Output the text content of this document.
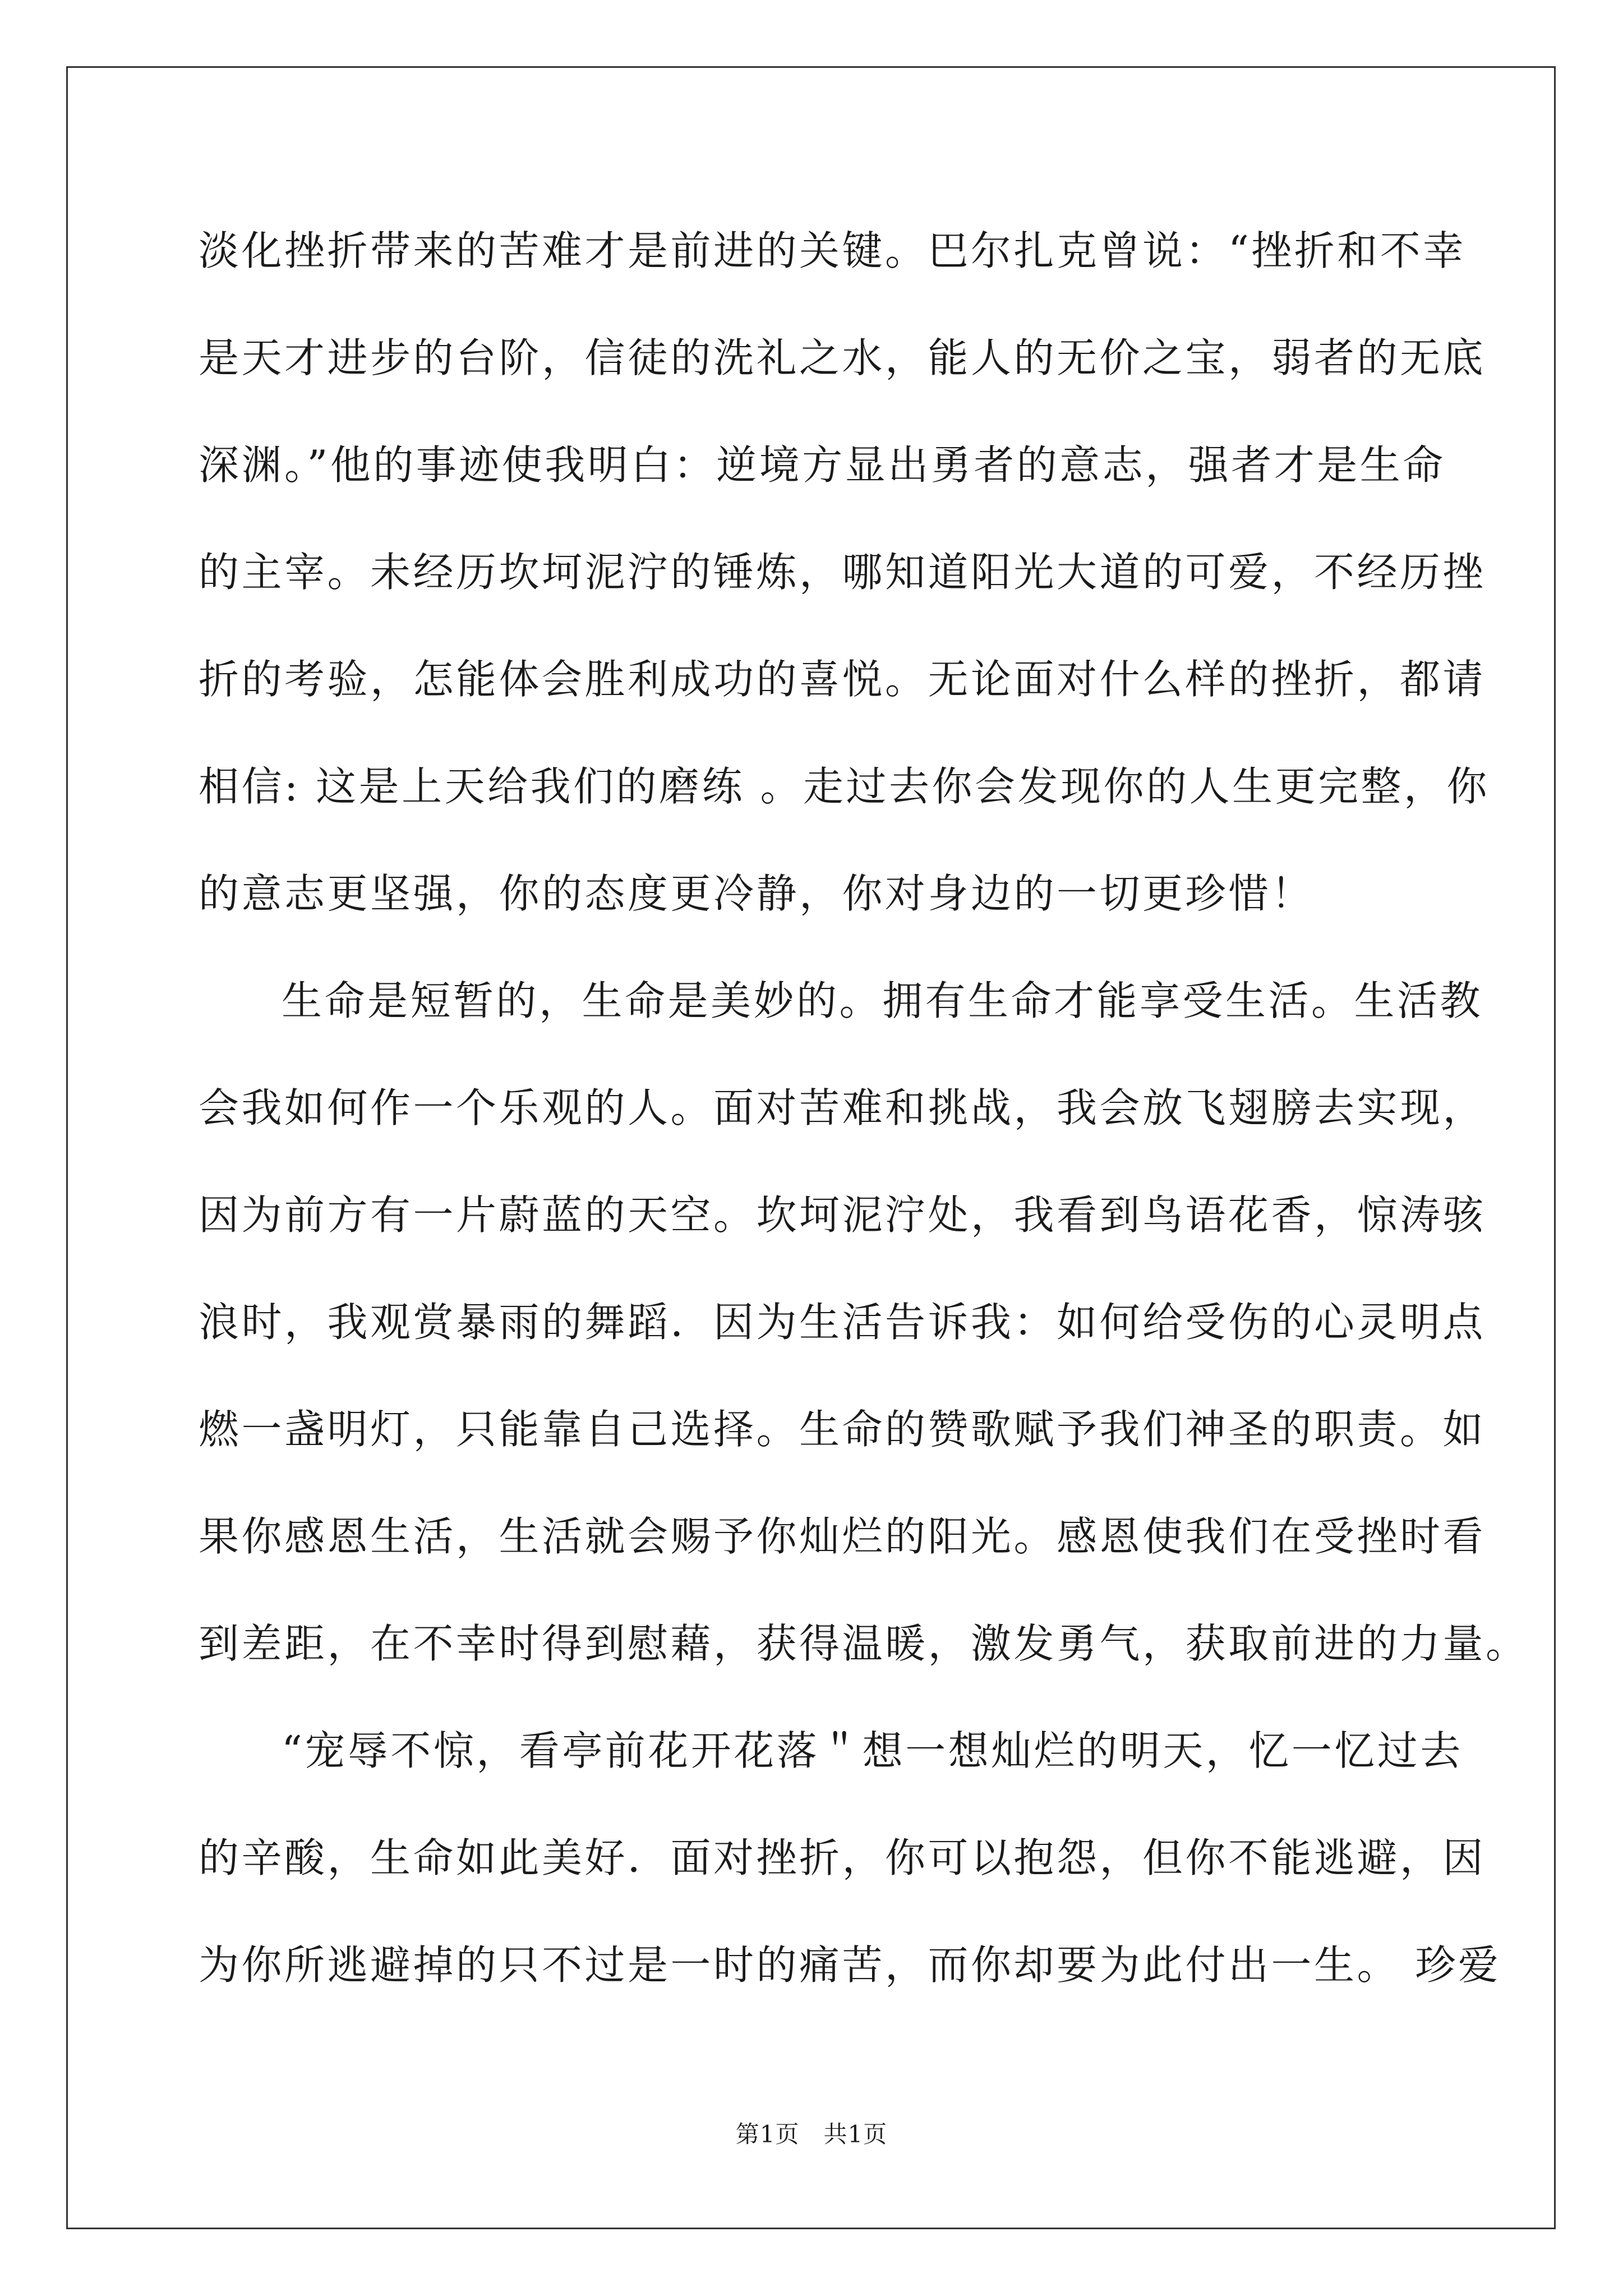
淡化挫折带来的苦难才是前进的关键。巴尔扎克曾说：“挫折和不幸
是天才进步的台阶，信徒的洗礼之水，能人的无价之宝，弱者的无底
深渊。”他的事迹使我明白：逆境方显出勇者的意志，强者才是生命
的主宰。未经历坎坷泥泞的锤炼，哪知道阳光大道的可爱，不经历挫
折的考验，怎能体会胜利成功的喜悦。无论面对什么样的挫折，都请
相信: 这是上天给我们的磨练 。走过去你会发现你的人生更完整，你
的意志更坚强，你的态度更冷静，你对身边的一切更珍惜！
生命是短暂的，生命是美妙的。拥有生命才能享受生活。生活教
会我如何作一个乐观的人。面对苦难和挑战，我会放飞翅膀去实现，
因为前方有一片蔚蓝的天空。坎坷泥泞处，我看到鸟语花香，惊涛骇
浪时，我观赏暴雨的舞蹈．因为生活告诉我：如何给受伤的心灵明点
燃一盏明灯，只能靠自己选择。生命的赞歌赋予我们神圣的职责。如
果你感恩生活，生活就会赐予你灿烂的阳光。感恩使我们在受挫时看
到差距，在不幸时得到慰藉，获得温暖，激发勇气，获取前进的力量。
“宠辱不惊，看亭前花开花落＂想一想灿烂的明天，忆一忆过去
的辛酸，生命如此美好．面对挫折，你可以抱怨，但你不能逃避，因
为你所逃避掉的只不过是一时的痛苦，而你却要为此付出一生。 珍爱
第1页　共1页
